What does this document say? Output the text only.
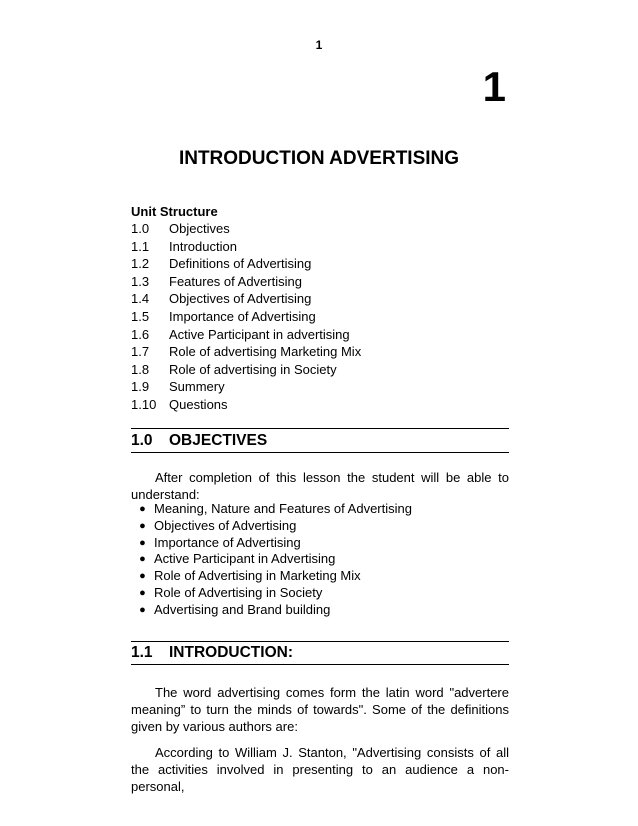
1
1
INTRODUCTION ADVERTISING
Unit Structure
1.0	Objectives
1.1	Introduction
1.2	Definitions of Advertising
1.3	Features of Advertising
1.4	Objectives of Advertising
1.5	Importance of Advertising
1.6	Active Participant in advertising
1.7	Role of advertising Marketing Mix
1.8	Role of advertising in Society
1.9	Summery
1.10 Questions
1.0	OBJECTIVES

After completion of this lesson the student will be able to understand:

● Meaning, Nature and Features of Advertising
● Objectives of Advertising
● Importance of Advertising
● Active Participant in Advertising
● Role of Advertising in Marketing Mix
● Role of Advertising in Society
● Advertising and Brand building
1.1	INTRODUCTION:

The word advertising comes form the latin word "advertere meaning” to turn the minds of towards". Some of the definitions given by various authors are:

According to William J. Stanton, "Advertising consists of all the activities involved in presenting to an audience a non-personal,
